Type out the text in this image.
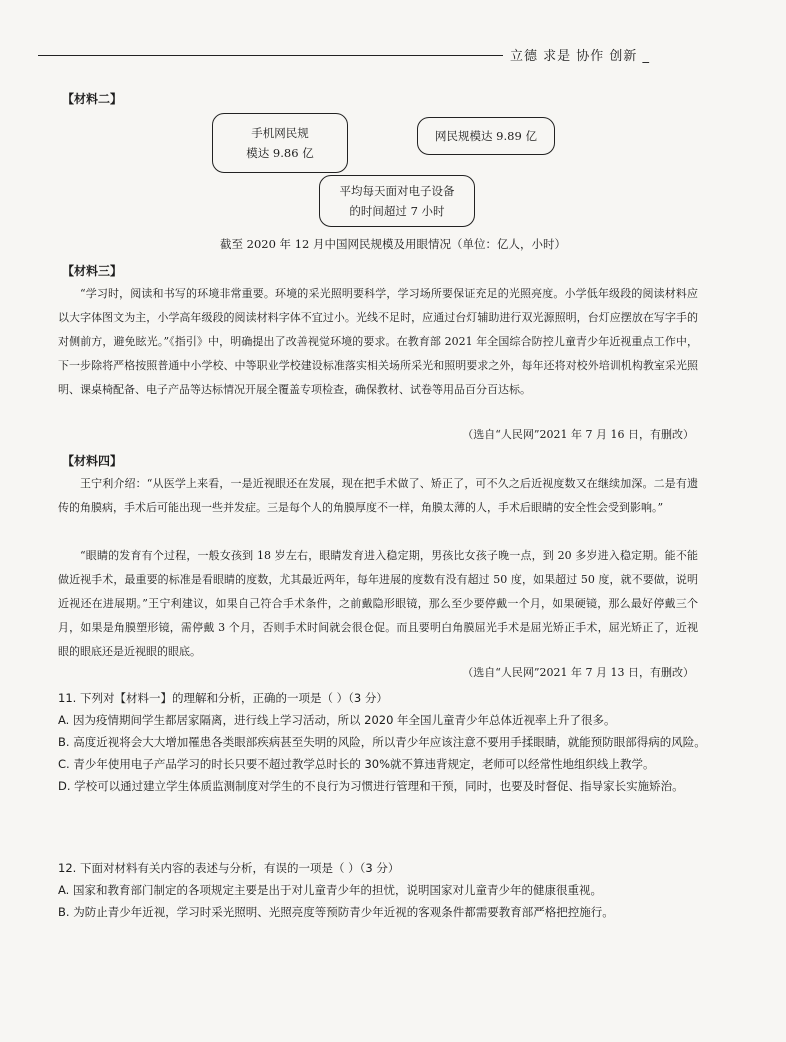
立德 求是 协作 创新 _
【材料二】
手机网民规
模达 9.86 亿
网民规模达 9.89 亿
平均每天面对电子设备
的时间超过 7 小时
截至 2020 年 12 月中国网民规模及用眼情况（单位：亿人，小时）
【材料三】
“学习时，阅读和书写的环境非常重要。环境的采光照明要科学，学习场所要保证充足的光照亮度。小学低年级段的阅读材料应以大字体图文为主，小学高年级段的阅读材料字体不宜过小。光线不足时，应通过台灯辅助进行双光源照明，台灯应摆放在写字手的对侧前方，避免眩光。”《指引》中，明确提出了改善视觉环境的要求。在教育部 2021 年全国综合防控儿童青少年近视重点工作中，下一步除将严格按照普通中小学校、中等职业学校建设标准落实相关场所采光和照明要求之外，每年还将对校外培训机构教室采光照明、课桌椅配备、电子产品等达标情况开展全覆盖专项检查，确保教材、试卷等用品百分百达标。
（选自“人民网”2021 年 7 月 16 日，有删改）
【材料四】
王宁利介绍：“从医学上来看，一是近视眼还在发展，现在把手术做了、矫正了，可不久之后近视度数又在继续加深。二是有遗传的角膜病，手术后可能出现一些并发症。三是每个人的角膜厚度不一样，角膜太薄的人，手术后眼睛的安全性会受到影响。”
“眼睛的发育有个过程，一般女孩到 18 岁左右，眼睛发育进入稳定期，男孩比女孩子晚一点，到 20 多岁进入稳定期。能不能做近视手术，最重要的标准是看眼睛的度数，尤其最近两年，每年进展的度数有没有超过 50 度，如果超过 50 度，就不要做，说明近视还在进展期。”王宁利建议，如果自己符合手术条件，之前戴隐形眼镜，那么至少要停戴一个月，如果硬镜，那么最好停戴三个月，如果是角膜塑形镜，需停戴 3 个月，否则手术时间就会很仓促。而且要明白角膜屈光手术是屈光矫正手术，屈光矫正了，近视眼的眼底还是近视眼的眼底。
（选自“人民网”2021 年 7 月 13 日，有删改）

11. 下列对【材料一】的理解和分析，正确的一项是（ ）（3 分）

A. 因为疫情期间学生都居家隔离，进行线上学习活动，所以 2020 年全国儿童青少年总体近视率上升了很多。

B. 高度近视将会大大增加罹患各类眼部疾病甚至失明的风险，所以青少年应该注意不要用手揉眼睛，就能预防眼部得病的风险。

C. 青少年使用电子产品学习的时长只要不超过教学总时长的 30%就不算违背规定，老师可以经常性地组织线上教学。

D. 学校可以通过建立学生体质监测制度对学生的不良行为习惯进行管理和干预，同时，也要及时督促、指导家长实施矫治。

12. 下面对材料有关内容的表述与分析，有误的一项是（ ）（3 分）

A. 国家和教育部门制定的各项规定主要是出于对儿童青少年的担忧，说明国家对儿童青少年的健康很重视。

B. 为防止青少年近视，学习时采光照明、光照亮度等预防青少年近视的客观条件都需要教育部严格把控施行。
